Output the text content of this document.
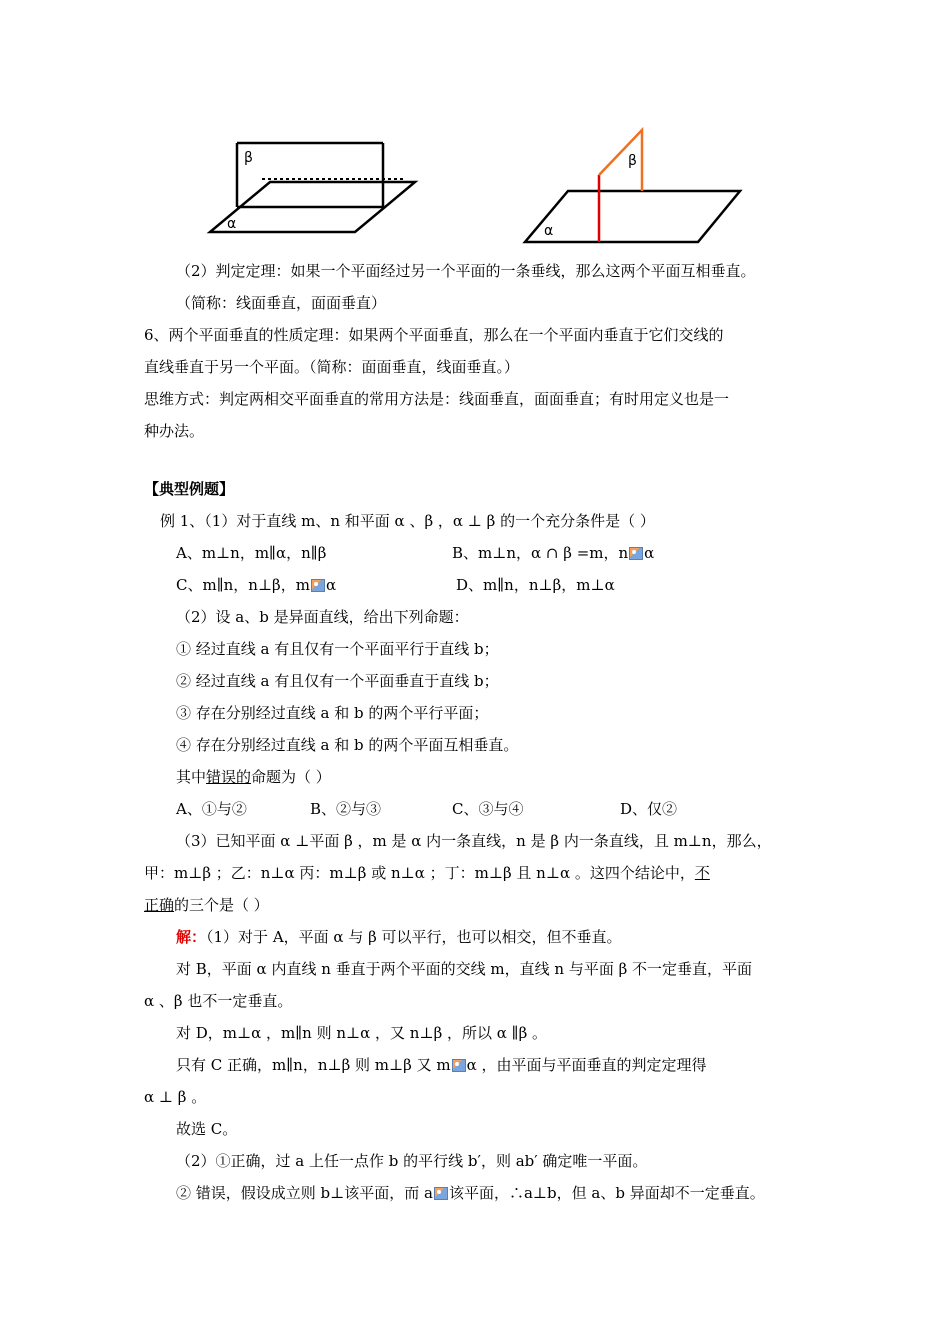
α
β
α
β
（2）判定定理：如果一个平面经过另一个平面的一条垂线，那么这两个平面互相垂直。
（简称：线面垂直，面面垂直）
6、两个平面垂直的性质定理：如果两个平面垂直，那么在一个平面内垂直于它们交线的
直线垂直于另一个平面。（简称：面面垂直，线面垂直。）
思维方式：判定两相交平面垂直的常用方法是：线面垂直，面面垂直；有时用定义也是一
种办法。
【典型例题】
例 1、（1）对于直线 m、n 和平面 α 、β ，α ⊥ β 的一个充分条件是（ ）
A、m⊥n，m∥α，n∥β	B、m⊥n，α ∩ β =m，n α
C、m∥n，n⊥β，m α	D、m∥n，n⊥β，m⊥α
（2）设 a、b 是异面直线，给出下列命题：
① 经过直线 a 有且仅有一个平面平行于直线 b；
② 经过直线 a 有且仅有一个平面垂直于直线 b；
③ 存在分别经过直线 a 和 b 的两个平行平面；
④ 存在分别经过直线 a 和 b 的两个平面互相垂直。
其中错误的命题为（ ）
A、①与②	B、②与③	C、③与④	D、仅②
（3）已知平面 α ⊥平面 β ，m 是 α 内一条直线，n 是 β 内一条直线，且 m⊥n，那么，
甲：m⊥β ；乙：n⊥α 丙：m⊥β 或 n⊥α ；丁：m⊥β 且 n⊥α 。这四个结论中，不
正确的三个是（ ）
解：（1）对于 A，平面 α 与 β 可以平行，也可以相交，但不垂直。
对 B，平面 α 内直线 n 垂直于两个平面的交线 m，直线 n 与平面 β 不一定垂直，平面
α 、β 也不一定垂直。
对 D，m⊥α ，m∥n 则 n⊥α ，又 n⊥β ，所以 α ∥β 。
只有 C 正确，m∥n，n⊥β 则 m⊥β 又 m α ，由平面与平面垂直的判定定理得
α ⊥ β 。
故选 C。
（2）①正确，过 a 上任一点作 b 的平行线 b′，则 ab′ 确定唯一平面。
② 错误，假设成立则 b⊥该平面，而 a 该平面，∴a⊥b，但 a、b 异面却不一定垂直。
